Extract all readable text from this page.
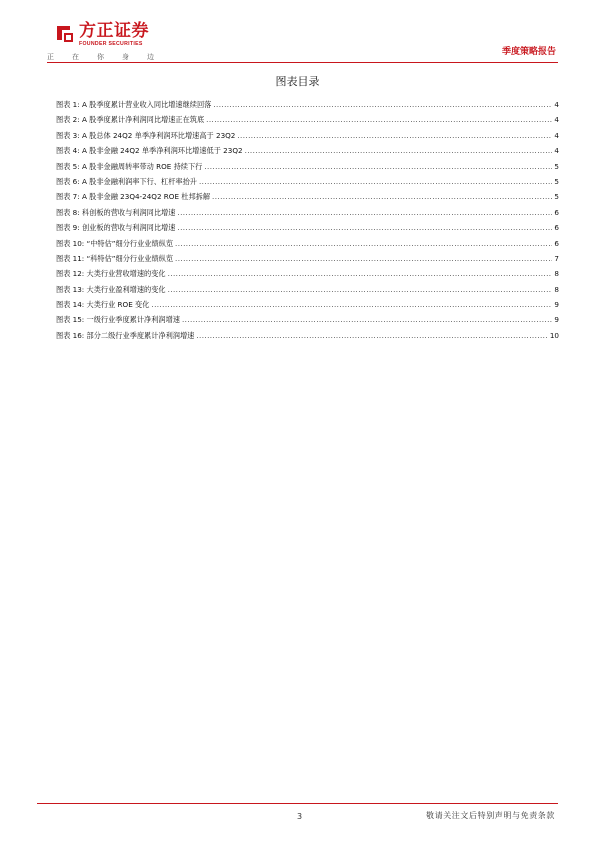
方正证券
FOUNDER SECURITIES
正在你身边	季度策略报告
图表目录
图表 1: A 股季度累计营业收入同比增速继续回落 .....	4
图表 2: A 股季度累计净利润同比增速正在筑底 .....	4
图表 3: A 股总体 24Q2 单季净利润环比增速高于 23Q2 .....	4
图表 4: A 股非金融 24Q2 单季净利润环比增速低于 23Q2 .....	4
图表 5: A 股非金融周转率带动 ROE 持续下行 .....	5
图表 6: A 股非金融利润率下行、杠杆率抬升 .....	5
图表 7: A 股非金融 23Q4-24Q2 ROE 杜邦拆解 .....	5
图表 8: 科创板的营收与利润同比增速 .....	6
图表 9: 创业板的营收与利润同比增速 .....	6
图表 10: “中特估”细分行业业绩纵览 .....	6
图表 11: “科特估”细分行业业绩纵览 .....	7
图表 12: 大类行业营收增速的变化 .....	8
图表 13: 大类行业盈利增速的变化 .....	8
图表 14: 大类行业 ROE 变化 .....	9
图表 15: 一级行业季度累计净利润增速 .....	9
图表 16: 部分二级行业季度累计净利润增速 .....	10
3	敬请关注文后特别声明与免责条款
